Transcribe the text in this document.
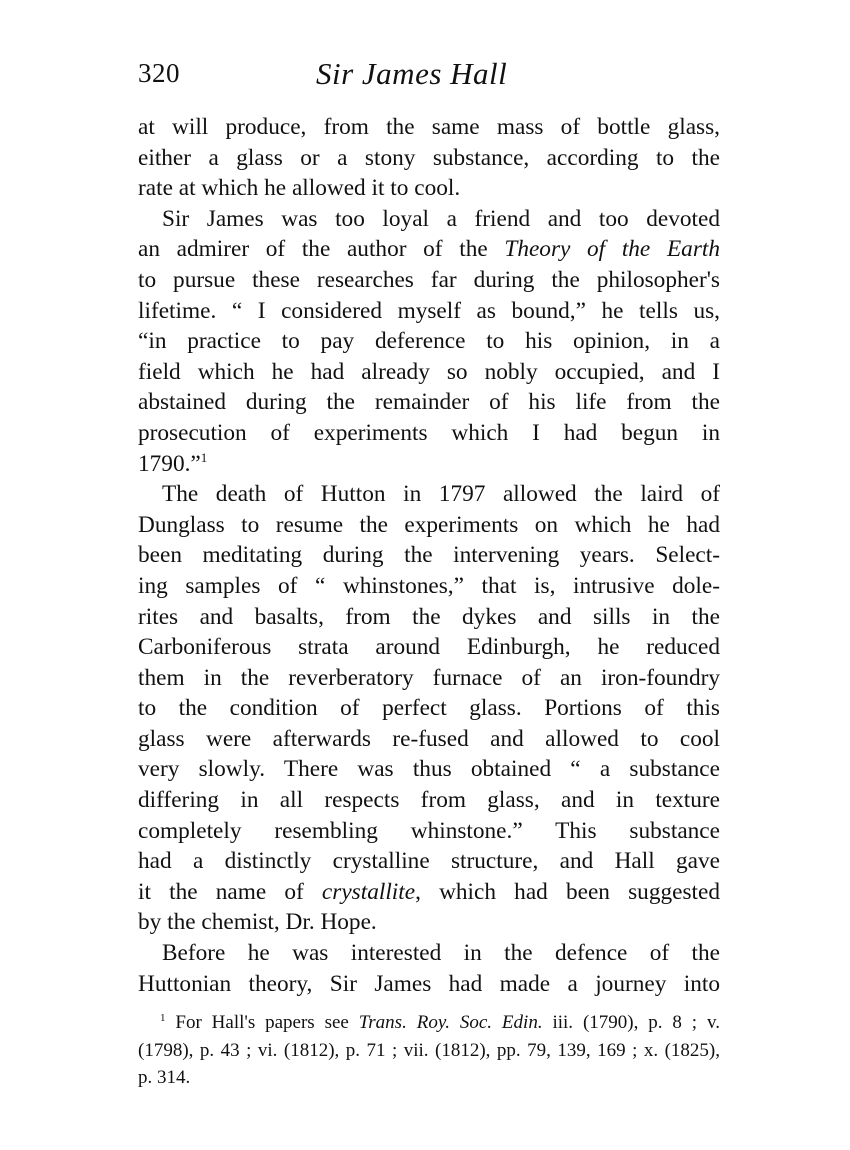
320	Sir James Hall
at will produce, from the same mass of bottle glass,
either a glass or a stony substance, according to the
rate at which he allowed it to cool.
Sir James was too loyal a friend and too devoted
an admirer of the author of the Theory of the Earth
to pursue these researches far during the philosopher's
lifetime. “ I considered myself as bound,” he tells us,
“in practice to pay deference to his opinion, in a
field which he had already so nobly occupied, and I
abstained during the remainder of his life from the
prosecution of experiments which I had begun in
1790.”$^1$
The death of Hutton in 1797 allowed the laird of
Dunglass to resume the experiments on which he had
been meditating during the intervening years. Select-
ing samples of “ whinstones,” that is, intrusive dole-
rites and basalts, from the dykes and sills in the
Carboniferous strata around Edinburgh, he reduced
them in the reverberatory furnace of an iron-foundry
to the condition of perfect glass. Portions of this
glass were afterwards re-fused and allowed to cool
very slowly. There was thus obtained “ a substance
differing in all respects from glass, and in texture
completely resembling whinstone.” This substance
had a distinctly crystalline structure, and Hall gave
it the name of crystallite, which had been suggested
by the chemist, Dr. Hope.
Before he was interested in the defence of the
Huttonian theory, Sir James had made a journey into
$^1$ For Hall's papers see Trans. Roy. Soc. Edin. iii. (1790), p. 8 ; v.
(1798), p. 43 ; vi. (1812), p. 71 ; vii. (1812), pp. 79, 139, 169 ; x. (1825),
p. 314.
